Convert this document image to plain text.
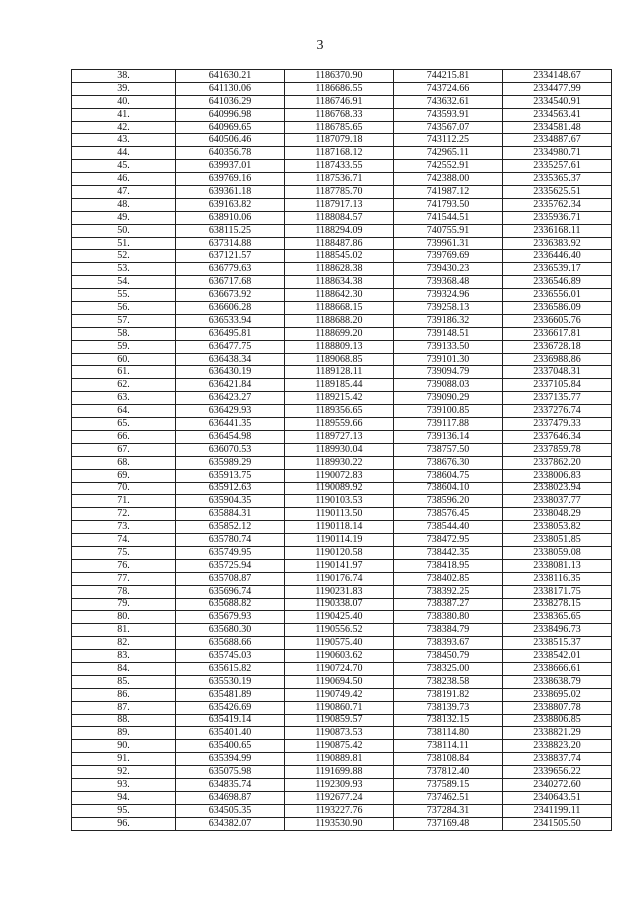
3
38.	641630.21	1186370.90	744215.81	2334148.67
39.	641130.06	1186686.55	743724.66	2334477.99
40.	641036.29	1186746.91	743632.61	2334540.91
41.	640996.98	1186768.33	743593.91	2334563.41
42.	640969.65	1186785.65	743567.07	2334581.48
43.	640506.46	1187079.18	743112.25	2334887.67
44.	640356.78	1187168.12	742965.11	2334980.71
45.	639937.01	1187433.55	742552.91	2335257.61
46.	639769.16	1187536.71	742388.00	2335365.37
47.	639361.18	1187785.70	741987.12	2335625.51
48.	639163.82	1187917.13	741793.50	2335762.34
49.	638910.06	1188084.57	741544.51	2335936.71
50.	638115.25	1188294.09	740755.91	2336168.11
51.	637314.88	1188487.86	739961.31	2336383.92
52.	637121.57	1188545.02	739769.69	2336446.40
53.	636779.63	1188628.38	739430.23	2336539.17
54.	636717.68	1188634.38	739368.48	2336546.89
55.	636673.92	1188642.30	739324.96	2336556.01
56.	636606.28	1188668.15	739258.13	2336586.09
57.	636533.94	1188688.20	739186.32	2336605.76
58.	636495.81	1188699.20	739148.51	2336617.81
59.	636477.75	1188809.13	739133.50	2336728.18
60.	636438.34	1189068.85	739101.30	2336988.86
61.	636430.19	1189128.11	739094.79	2337048.31
62.	636421.84	1189185.44	739088.03	2337105.84
63.	636423.27	1189215.42	739090.29	2337135.77
64.	636429.93	1189356.65	739100.85	2337276.74
65.	636441.35	1189559.66	739117.88	2337479.33
66.	636454.98	1189727.13	739136.14	2337646.34
67.	636070.53	1189930.04	738757.50	2337859.78
68.	635989.29	1189930.22	738676.30	2337862.20
69.	635913.75	1190072.83	738604.75	2338006.83
70.	635912.63	1190089.92	738604.10	2338023.94
71.	635904.35	1190103.53	738596.20	2338037.77
72.	635884.31	1190113.50	738576.45	2338048.29
73.	635852.12	1190118.14	738544.40	2338053.82
74.	635780.74	1190114.19	738472.95	2338051.85
75.	635749.95	1190120.58	738442.35	2338059.08
76.	635725.94	1190141.97	738418.95	2338081.13
77.	635708.87	1190176.74	738402.85	2338116.35
78.	635696.74	1190231.83	738392.25	2338171.75
79.	635688.82	1190338.07	738387.27	2338278.15
80.	635679.93	1190425.40	738380.80	2338365.65
81.	635680.30	1190556.52	738384.79	2338496.73
82.	635688.66	1190575.40	738393.67	2338515.37
83.	635745.03	1190603.62	738450.79	2338542.01
84.	635615.82	1190724.70	738325.00	2338666.61
85.	635530.19	1190694.50	738238.58	2338638.79
86.	635481.89	1190749.42	738191.82	2338695.02
87.	635426.69	1190860.71	738139.73	2338807.78
88.	635419.14	1190859.57	738132.15	2338806.85
89.	635401.40	1190873.53	738114.80	2338821.29
90.	635400.65	1190875.42	738114.11	2338823.20
91.	635394.99	1190889.81	738108.84	2338837.74
92.	635075.98	1191699.88	737812.40	2339656.22
93.	634835.74	1192309.93	737589.15	2340272.60
94.	634698.87	1192677.24	737462.51	2340643.51
95.	634505.35	1193227.76	737284.31	2341199.11
96.	634382.07	1193530.90	737169.48	2341505.50
